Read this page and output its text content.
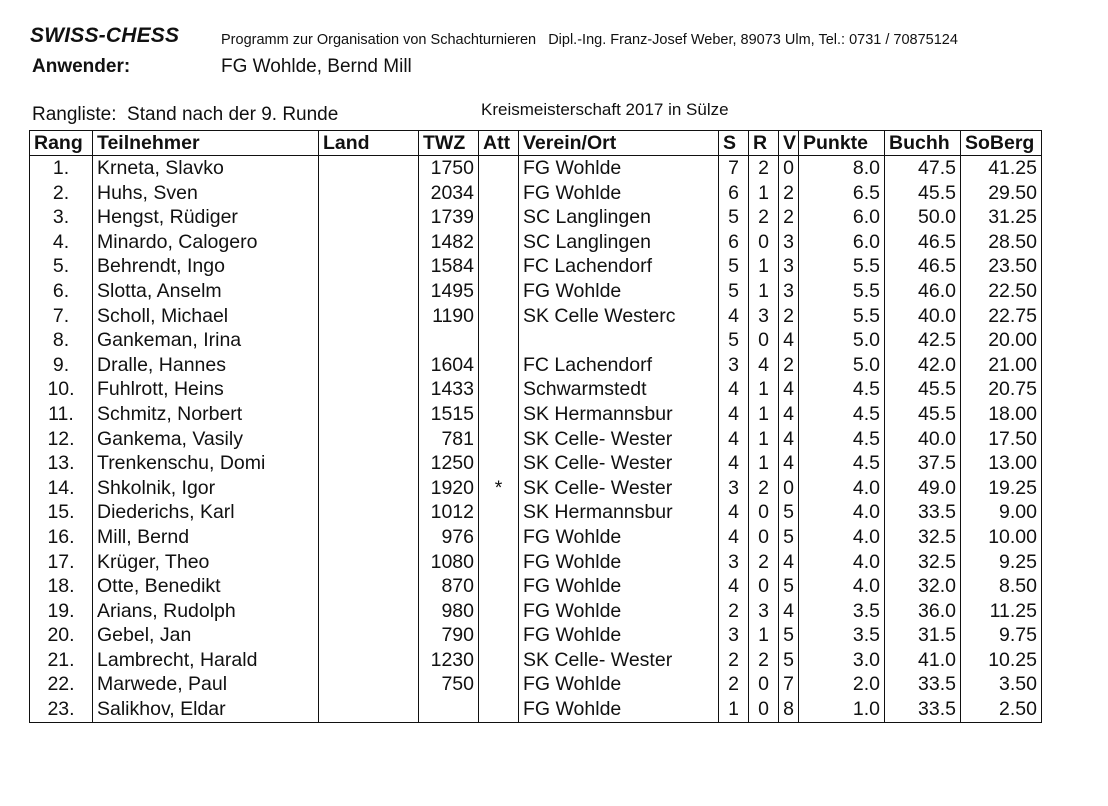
SWISS-CHESS	Programm zur Organisation von Schachturnieren   Dipl.-Ing. Franz-Josef Weber, 89073 Ulm, Tel.: 0731 / 70875124
Anwender:	FG Wohlde, Bernd Mill
Rangliste:  Stand nach der 9. Runde	Kreismeisterschaft 2017 in Sülze
Rang	Teilnehmer	Land	TWZ	Att	Verein/Ort	S	R	V	Punkte	Buchh	SoBerg
1.	Krneta, Slavko		1750		FG Wohlde	7	2	0	8.0	47.5	41.25
2.	Huhs, Sven		2034		FG Wohlde	6	1	2	6.5	45.5	29.50
3.	Hengst, Rüdiger		1739		SC Langlingen	5	2	2	6.0	50.0	31.25
4.	Minardo, Calogero		1482		SC Langlingen	6	0	3	6.0	46.5	28.50
5.	Behrendt, Ingo		1584		FC Lachendorf	5	1	3	5.5	46.5	23.50
6.	Slotta, Anselm		1495		FG Wohlde	5	1	3	5.5	46.0	22.50
7.	Scholl, Michael		1190		SK Celle Westerc	4	3	2	5.5	40.0	22.75
8.	Gankeman, Irina					5	0	4	5.0	42.5	20.00
9.	Dralle, Hannes		1604		FC Lachendorf	3	4	2	5.0	42.0	21.00
10.	Fuhlrott, Heins		1433		Schwarmstedt	4	1	4	4.5	45.5	20.75
11.	Schmitz, Norbert		1515		SK Hermannsbur	4	1	4	4.5	45.5	18.00
12.	Gankema, Vasily		781		SK Celle- Wester	4	1	4	4.5	40.0	17.50
13.	Trenkenschu, Domi		1250		SK Celle- Wester	4	1	4	4.5	37.5	13.00
14.	Shkolnik, Igor		1920	*	SK Celle- Wester	3	2	0	4.0	49.0	19.25
15.	Diederichs, Karl		1012		SK Hermannsbur	4	0	5	4.0	33.5	9.00
16.	Mill, Bernd		976		FG Wohlde	4	0	5	4.0	32.5	10.00
17.	Krüger, Theo		1080		FG Wohlde	3	2	4	4.0	32.5	9.25
18.	Otte, Benedikt		870		FG Wohlde	4	0	5	4.0	32.0	8.50
19.	Arians, Rudolph		980		FG Wohlde	2	3	4	3.5	36.0	11.25
20.	Gebel, Jan		790		FG Wohlde	3	1	5	3.5	31.5	9.75
21.	Lambrecht, Harald		1230		SK Celle- Wester	2	2	5	3.0	41.0	10.25
22.	Marwede, Paul		750		FG Wohlde	2	0	7	2.0	33.5	3.50
23.	Salikhov, Eldar				FG Wohlde	1	0	8	1.0	33.5	2.50
